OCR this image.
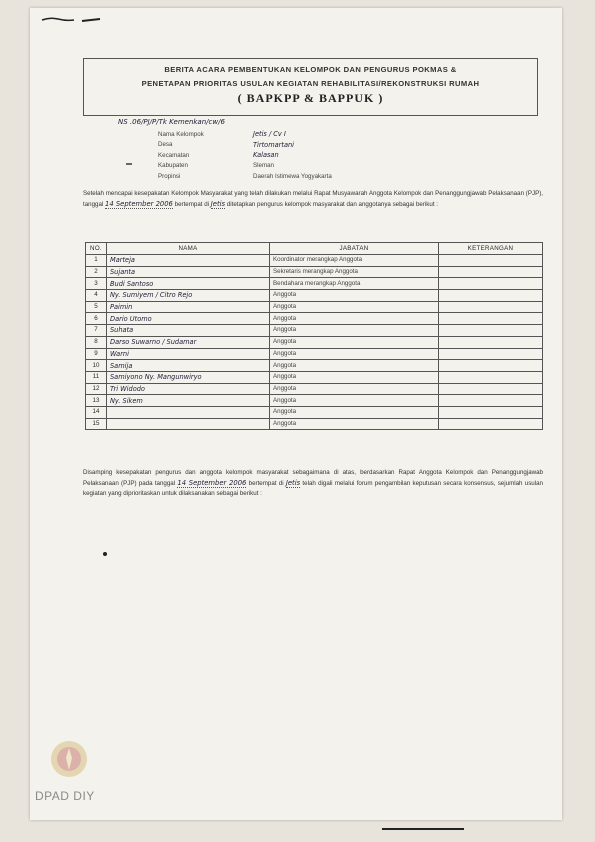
BERITA ACARA PEMBENTUKAN KELOMPOK DAN PENGURUS POKMAS &
PENETAPAN PRIORITAS USULAN KEGIATAN REHABILITASI/REKONSTRUKSI RUMAH
( BAPKPP & BAPPUK )
NS .06/PJ/P/Tk Kemenkan/cw/6
Nama Kelompok	Jetis / Cv I
Desa	Tirtomartani
Kecamatan	Kalasan
Kabupaten	Sleman
Propinsi	Daerah Istimewa Yogyakarta
Setelah mencapai kesepakatan Kelompok Masyarakat yang telah dilakukan melalui Rapat Musyawarah Anggota Kelompok dan Penanggungjawab Pelaksanaan (PJP), tanggal 14 September 2006 bertempat di Jetis ditetapkan pengurus kelompok masyarakat dan anggotanya sebagai berikut :
NO.	NAMA	JABATAN	KETERANGAN
1	Marteja	Koordinator merangkap Anggota	
2	Sujanta	Sekretaris merangkap Anggota	
3	Budi Santoso	Bendahara merangkap Anggota	
4	Ny. Sumiyem / Citro Rejo	Anggota	
5	Paimin	Anggota	
6	Dario Utomo	Anggota	
7	Suhata	Anggota	
8	Darso Suwarno / Sudamar	Anggota	
9	Warni	Anggota	
10	Samija	Anggota	
11	Samiyono Ny. Mangunwiryo	Anggota	
12	Tri Widodo	Anggota	
13	Ny. Sikem	Anggota	
14		Anggota	
15		Anggota	
Disamping kesepakatan pengurus dan anggota kelompok masyarakat sebagaimana di atas, berdasarkan Rapat Anggota Kelompok dan Penanggungjawab Pelaksanaan (PJP) pada tanggal 14 September 2006 bertempat di Jetis telah digali melalui forum pengambilan keputusan secara konsensus, sejumlah usulan kegiatan yang diprioritaskan untuk dilaksanakan sebagai berikut :
DPAD DIY
